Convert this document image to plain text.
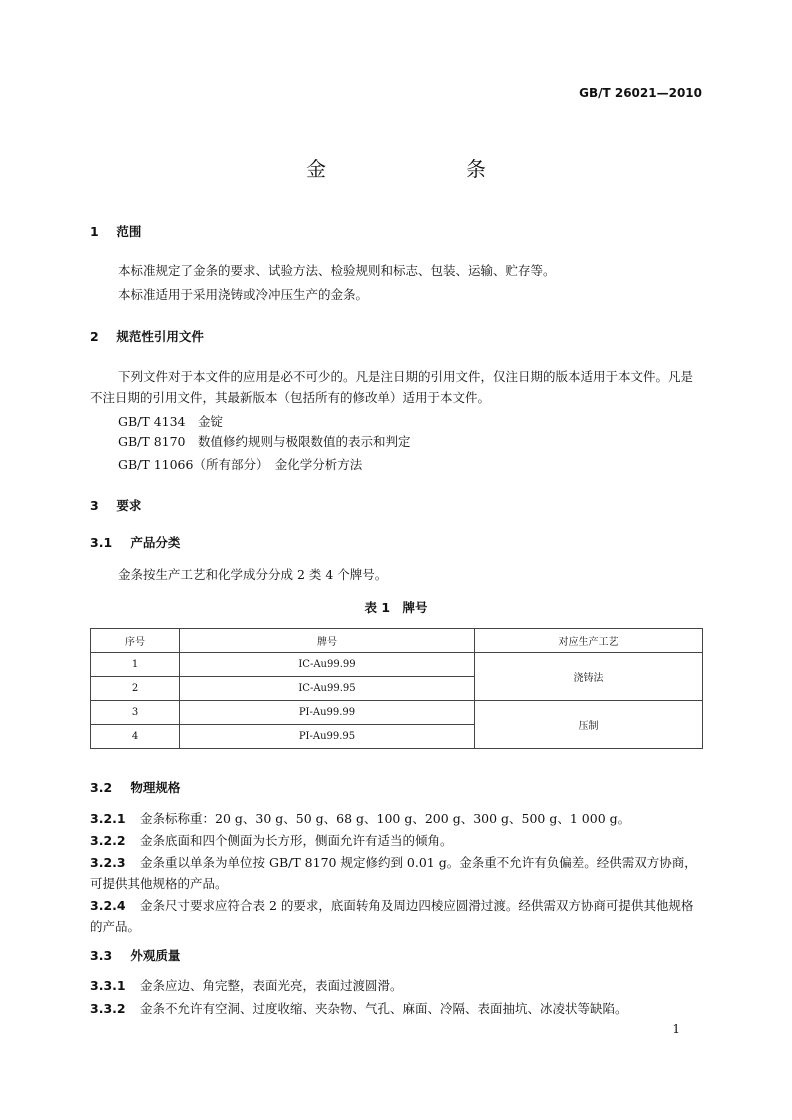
GB/T 26021—2010
金　条
1 范围
本标准规定了金条的要求、试验方法、检验规则和标志、包装、运输、贮存等。
本标准适用于采用浇铸或冷冲压生产的金条。
2 规范性引用文件
下列文件对于本文件的应用是必不可少的。凡是注日期的引用文件，仅注日期的版本适用于本文件。凡是不注日期的引用文件，其最新版本（包括所有的修改单）适用于本文件。
GB/T 4134　金锭
GB/T 8170　数值修约规则与极限数值的表示和判定
GB/T 11066（所有部分）　金化学分析方法
3 要求
3.1 产品分类
金条按生产工艺和化学成分分成 2 类 4 个牌号。
表 1　牌号
序号	牌号	对应生产工艺
1	IC-Au99.99	浇铸法
2	IC-Au99.95	
3	PI-Au99.99	压制
4	PI-Au99.95	
3.2 物理规格
3.2.1 金条标称重：20 g、30 g、50 g、68 g、100 g、200 g、300 g、500 g、1 000 g。
3.2.2 金条底面和四个侧面为长方形，侧面允许有适当的倾角。
3.2.3 金条重以单条为单位按 GB/T 8170 规定修约到 0.01 g。金条重不允许有负偏差。经供需双方协商，可提供其他规格的产品。
3.2.4 金条尺寸要求应符合表 2 的要求，底面转角及周边四棱应圆滑过渡。经供需双方协商可提供其他规格的产品。
3.3 外观质量
3.3.1 金条应边、角完整，表面光亮，表面过渡圆滑。
3.3.2 金条不允许有空洞、过度收缩、夹杂物、气孔、麻面、冷隔、表面抽坑、冰凌状等缺陷。
1
